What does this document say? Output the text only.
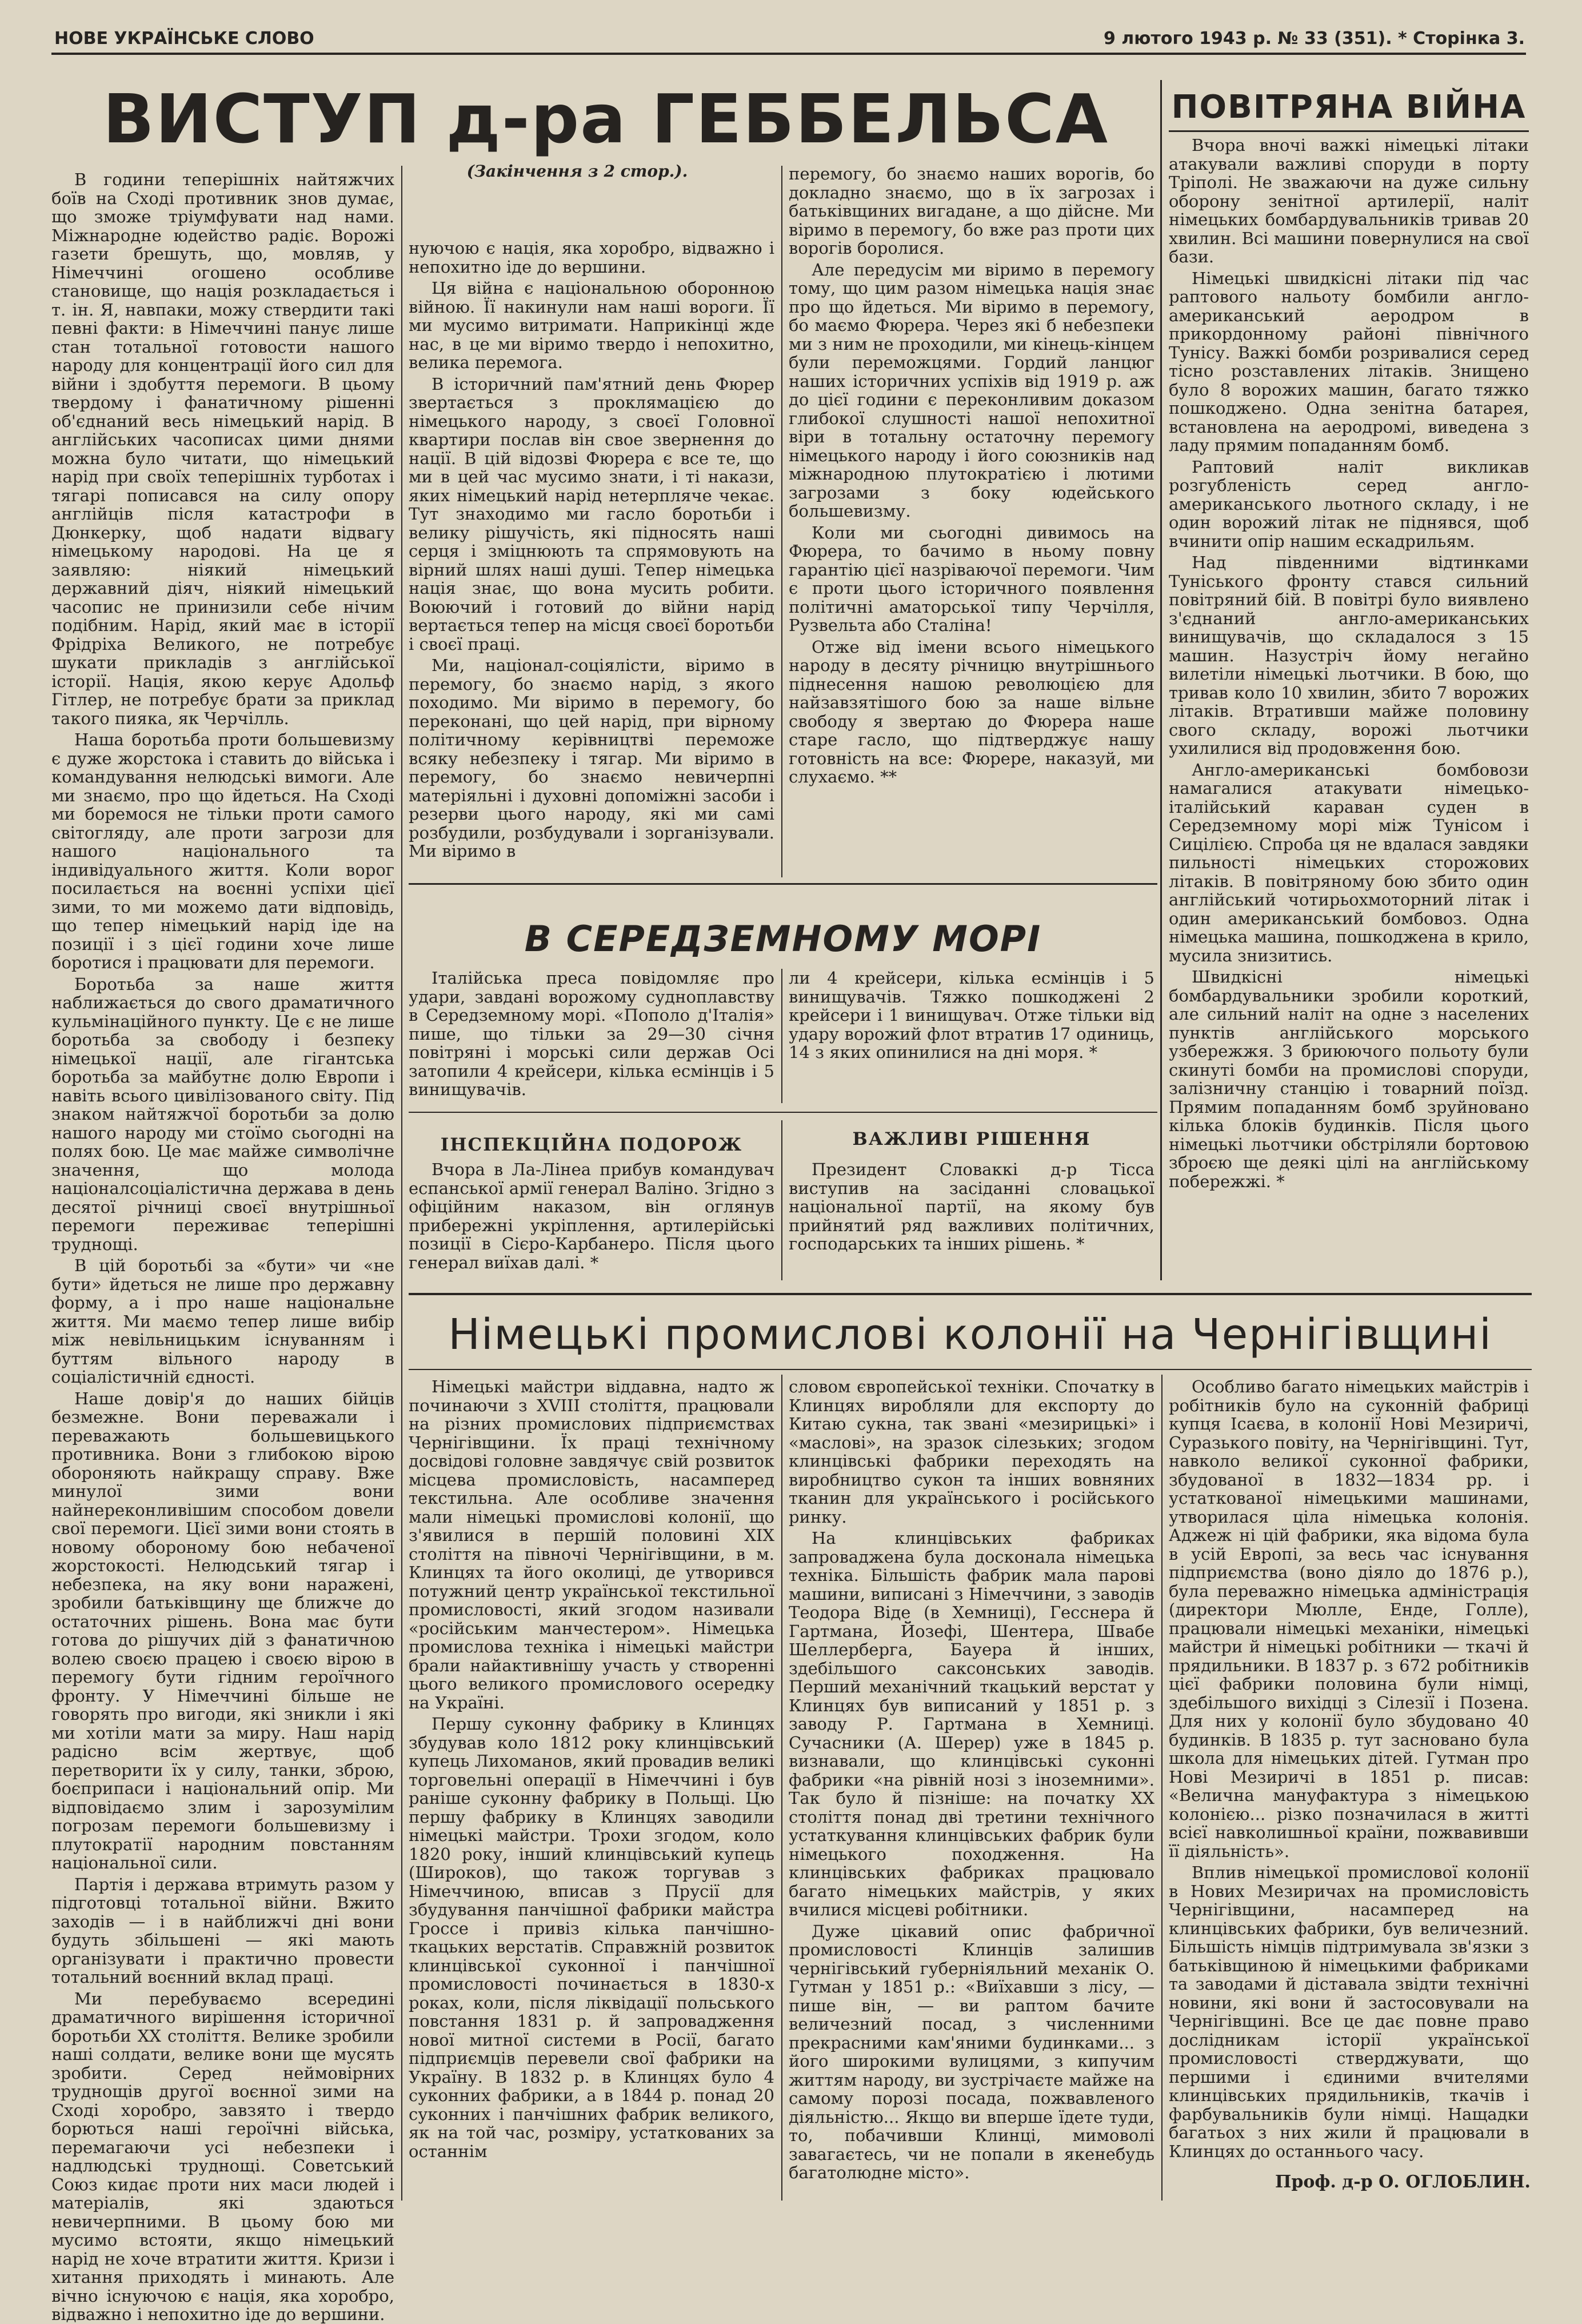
НОВЕ УКРАЇНСЬКЕ СЛОВО	9 лютого 1943 р. № 33 (351). * Сторінка 3.
ВИСТУП д-ра ГЕББЕЛЬСА
(Закінчення з 2 стор.).

В години теперішніх найтяжчих боїв на Сході противник знов думає, що зможе тріумфувати над нами. Міжнародне юдейство радіє. Ворожі газети брешуть, що, мовляв, у Німеччині огошено особливе становище, що нація розкладається і т. ін. Я, навпаки, можу ствердити такі певні факти: в Німеччині панує лише стан тотальної готовости нашого народу для концентрації його сил для війни і здобуття перемоги. В цьому твердому і фанатичному рішенні об'єднаний весь німецький нарід. В англійських часописах цими днями можна було читати, що німецький нарід при своїх теперішніх турботах і тягарі пописався на силу опору англійців після катастрофи в Дюнкерку, щоб надати відвагу німецькому народові. На це я заявляю: ніякий німецький державний діяч, ніякий німецький часопис не принизили себе нічим подібним. Нарід, який має в історії Фрідріха Великого, не потребує шукати прикладів з англійської історії. Нація, якою керує Адольф Гітлер, не потребує брати за приклад такого пияка, як Черчілль.

Наша боротьба проти большевизму є дуже жорстока і ставить до війська і командування нелюдські вимоги. Але ми знаємо, про що йдеться. На Сході ми боремося не тільки проти самого світогляду, але проти загрози для нашого національного та індивідуального життя. Коли ворог посилається на воєнні успіхи цієї зими, то ми можемо дати відповідь, що тепер німецький нарід іде на позиції і з цієї години хоче лише боротися і працювати для перемоги.

Боротьба за наше життя наближається до свого драматичного кульмінаційного пункту. Це є не лише боротьба за свободу і безпеку німецької нації, але гігантська боротьба за майбутнє долю Европи і навіть всього цивілізованого світу. Під знаком найтяжчої боротьби за долю нашого народу ми стоїмо сьогодні на полях бою. Це має майже символічне значення, що молода націоналсоціалістична держава в день десятої річниці своєї внутрішньої перемоги переживає теперішні труднощі.

В цій боротьбі за «бути» чи «не бути» йдеться не лише про державну форму, а і про наше національне життя. Ми маємо тепер лише вибір між невільницьким існуванням і буттям вільного народу в соціалістичній єдності.

Наше довір'я до наших бійців безмежне. Вони переважали і переважають большевицького противника. Вони з глибокою вірою обороняють найкращу справу. Вже минулої зими вони найнереконливішим способом довели свої перемоги. Цієї зими вони стоять в новому обороному бою небаченої жорстокості. Нелюдський тягар і небезпека, на яку вони наражені, зробили батьківщину ще ближче до остаточних рішень. Вона має бути готова до рішучих дій з фанатичною волею своєю працею і своєю вірою в перемогу бути гідним героїчного фронту. У Німеччині більше не говорять про вигоди, які зникли і які ми хотіли мати за миру. Наш нарід радісно всім жертвує, щоб перетворити їх у силу, танки, зброю, боєприпаси і національний опір. Ми відповідаємо злим і зарозумілим погрозам перемоги большевизму і плутократії народним повстанням національної сили.

Партія і держава втримуть разом у підготовці тотальної війни. Вжито заходів — і в найближчі дні вони будуть збільшені — які мають організувати і практично провести тотальний воєнний вклад праці.

Ми перебуваємо всередині драматичного вирішення історичної боротьби XX століття. Велике зробили наші солдати, велике вони ще мусять зробити. Серед неймовірних труднощів другої воєнної зими на Сході хоробро, завзято і твердо борються наші героїчні війська, перемагаючи усі небезпеки і надлюдські труднощі. Советський Союз кидає проти них маси людей і матеріалів, які здаються невичерпними. В цьому бою ми мусимо встояти, якщо німецький нарід не хоче втратити життя. Кризи і хитання приходять і минають. Але вічно існуючою є нація, яка хоробро, відважно і непохитно іде до вершини.

нуючою є нація, яка хоробро, відважно і непохитно іде до вершини.

Ця війна є національною оборонною війною. Її накинули нам наші вороги. Її ми мусимо витримати. Наприкінці жде нас, в це ми віримо твердо і непохитно, велика перемога.

В історичний пам'ятний день Фюрер звертається з проклямацією до німецького народу, з своєї Головної квартири послав він свое звернення до нації. В цій відозві Фюрера є все те, що ми в цей час мусимо знати, і ті накази, яких німецький нарід нетерпляче чекає. Тут знаходимо ми гасло боротьби і велику рішучість, які підносять наші серця і зміцнюють та спрямовують на вірний шлях наші душі. Тепер німецька нація знає, що вона мусить робити. Воюючий і готовий до війни нарід вертається тепер на місця своєї боротьби і своєї праці.

Ми, націонал-соціялісти, віримо в перемогу, бо знаємо нарід, з якого походимо. Ми віримо в перемогу, бо переконані, що цей нарід, при вірному політичному керівництві переможе всяку небезпеку і тягар. Ми віримо в перемогу, бо знаємо невичерпні матеріяльні і духовні допоміжні засоби і резерви цього народу, які ми самі розбудили, розбудували і зорганізували. Ми віримо в

перемогу, бо знаємо наших ворогів, бо докладно знаємо, що в їх загрозах і батьківщиних вигадане, а що дійсне. Ми віримо в перемогу, бо вже раз проти цих ворогів боролися.

Але передусім ми віримо в перемогу тому, що цим разом німецька нація знає про що йдеться. Ми віримо в перемогу, бо маємо Фюрера. Через які б небезпеки ми з ним не проходили, ми кінець-кінцем були переможцями. Гордий ланцюг наших історичних успіхів від 1919 р. аж до цієї години є переконливим доказом глибокої слушності нашої непохитної віри в тотальну остаточну перемогу німецького народу і його союзників над міжнародною плутократією і лютими загрозами з боку юдейського большевизму.

Коли ми сьогодні дивимось на Фюрера, то бачимо в ньому повну гарантію цієї назріваючої перемоги. Чим є проти цього історичного появлення політичні аматорської типу Черчілля, Рузвельта або Сталіна!

Отже від імени всього німецького народу в десяту річницю внутрішнього піднесення нашою революцією для найзавзятішого бою за наше вільне свободу я звертаю до Фюрера наше старе гасло, що підтверджує нашу готовність на все: Фюрере, наказуй, ми слухаємо. **

ПОВІТРЯНА ВІЙНА

Вчора вночі важкі німецькі літаки атакували важливі споруди в порту Тріполі. Не зважаючи на дуже сильну оборону зенітної артилерії, наліт німецьких бомбардувальників тривав 20 хвилин. Всі машини повернулися на свої бази.

Німецькі швидкісні літаки під час раптового нальоту бомбили англо-американський аеродром в прикордонному районі північного Тунісу. Важкі бомби розривалися серед тісно розставлених літаків. Знищено було 8 ворожих машин, багато тяжко пошкоджено. Одна зенітна батарея, встановлена на аеродромі, виведена з ладу прямим попаданням бомб.

Раптовий наліт викликав розгубленість серед англо-американського льотного складу, і не один ворожий літак не піднявся, щоб вчинити опір нашим ескадрильям.

Над південними відтинками Туніського фронту стався сильний повітряний бій. В повітрі було виявлено з'єднаний англо-американських винищувачів, що складалося з 15 машин. Назустріч йому негайно вилетіли німецькі льотчики. В бою, що тривав коло 10 хвилин, збито 7 ворожих літаків. Втративши майже половину свого складу, ворожі льотчики ухилилися від продовження бою.

Англо-американські бомбовози намагалися атакувати німецько-італійський караван суден в Середземному морі між Тунісом і Сицілією. Спроба ця не вдалася завдяки пильності німецьких сторожових літаків. В повітряному бою збито один англійський чотирьохмоторний літак і один американський бомбовоз. Одна німецька машина, пошкоджена в крило, мусила знизитись.

Швидкісні німецькі бомбардувальники зробили короткий, але сильний наліт на одне з населених пунктів англійського морського узбережжя. З бриюючого польоту були скинуті бомби на промислові споруди, залізничну станцію і товарний поїзд. Прямим попаданням бомб зруйновано кілька блоків будинків. Після цього німецькі льотчики обстріляли бортовою зброєю ще деякі цілі на англійському побережжі. *

В СЕРЕДЗЕМНОМУ МОРІ

Італійська преса повідомляє про удари, завдані ворожому судноплавству в Середземному морі. «Пополо д'Італія» пише, що тільки за 29—30 січня повітряні і морські сили держав Осі затопили 4 крейсери, кілька есмінців і 5 винищувачів.

ли 4 крейсери, кілька есмінців і 5 винищувачів. Тяжко пошкоджені 2 крейсери і 1 винищувач. Отже тільки від удару ворожий флот втратив 17 одиниць, 14 з яких опинилися на дні моря. *

ІНСПЕКЦІЙНА ПОДОРОЖ

Вчора в Ла-Лінеа прибув командувач еспанської армії генерал Валіно. Згідно з офіційним наказом, він оглянув прибережні укріплення, артилерійські позиції в Сієро-Карбанеро. Після цього генерал виїхав далі. *

ВАЖЛИВІ РІШЕННЯ

Президент Словаккі д-р Тісса виступив на засіданні словацької національної партії, на якому був прийнятий ряд важливих політичних, господарських та інших рішень. *

Німецькі промислові колонії на Чернігівщині

Німецькі майстри віддавна, надто ж починаючи з XVIII століття, працювали на різних промислових підприємствах Чернігівщини. Їх праці технічному досвідові головне завдячує свій розвиток місцева промисловість, насамперед текстильна. Але особливе значення мали німецькі промислові колонії, що з'явилися в першій половині XIX століття на півночі Чернігівщини, в м. Клинцях та його околиці, де утворився потужний центр української текстильної промисловості, який згодом називали «російським манчестером». Німецька промислова техніка і німецькі майстри брали найактивнішу участь у створенні цього великого промислового осередку на Україні.

Першу суконну фабрику в Клинцях збудував коло 1812 року клинцівський купець Лихоманов, який провадив великі торговельні операції в Німеччині і був раніше суконну фабрику в Польщі. Цю першу фабрику в Клинцях заводили німецькі майстри. Трохи згодом, коло 1820 року, інший клинцівський купець (Широков), що також торгував з Німеччиною, вписав з Прусії для збудування панчішної фабрики майстра Гроссе і привіз кілька панчішно-ткацьких верстатів. Справжній розвиток клинцівської суконної і панчішної промисловості починається в 1830-х роках, коли, після ліквідації польського повстання 1831 р. й запровадження нової митної системи в Росії, багато підприємців перевели свої фабрики на Україну. В 1832 р. в Клинцях було 4 суконних фабрики, а в 1844 р. понад 20 суконних і панчішних фабрик великого, як на той час, розміру, устаткованих за останнім

словом європейської техніки. Спочатку в Клинцях виробляли для експорту до Китаю сукна, так звані «мезирицькі» і «маслові», на зразок сілезьких; згодом клинцівські фабрики переходять на виробництво сукон та інших вовняних тканин для українського і російського ринку.

На клинцівських фабриках запроваджена була досконала німецька техніка. Більшість фабрик мала парові машини, виписані з Німеччини, з заводів Теодора Віде (в Хемниці), Гесснера й Гартмана, Йозефі, Шентера, Швабе Шеллербергa, Бауера й інших, здебільшого саксонських заводів. Перший механічний ткацький верстат у Клинцях був виписаний у 1851 р. з заводу Р. Гартмана в Хемниці. Сучасники (А. Шерер) уже в 1845 р. визнавали, що клинцівські суконні фабрики «на рівній нозі з іноземними». Так було й пізніше: на початку XX століття понад дві третини технічного устаткування клинцівських фабрик були німецького походження. На клинцівських фабриках працювало багато німецьких майстрів, у яких вчилися місцеві робітники.

Дуже цікавий опис фабричної промисловості Клинців залишив чернігівський губерніяльний механік О. Гутман у 1851 р.: «Виїхавши з лісу, — пише він, — ви раптом бачите величезний посад, з численними прекрасними кам'яними будинками... з його широкими вулицями, з кипучим життям народу, ви зустрічаєте майже на самому порозі посада, пожвавленого діяльністю... Якщо ви вперше їдете туди, то, побачивши Клинці, мимоволі завагаєтесь, чи не попали в якенебудь багатолюдне місто».

Особливо багато німецьких майстрів і робітників було на суконній фабриці купця Ісаєва, в колонії Нові Мезиричі, Суразького повіту, на Чернігівщині. Тут, навколо великої суконної фабрики, збудованої в 1832—1834 рр. і устаткованої німецькими машинами, утворилася ціла німецька колонія. Аджеж ні цій фабрики, яка відома була в усій Европі, за весь час існування підприємства (воно діяло до 1876 р.), була переважно німецька адміністрація (директори Мюлле, Енде, Голле), працювали німецькі механіки, німецькі майстри й німецькі робітники — ткачі й прядильники. В 1837 р. з 672 робітників цієї фабрики половина були німці, здебільшого вихідці з Сілезії і Позена. Для них у колонії було збудовано 40 будинків. В 1835 р. тут засновано була школа для німецьких дітей. Гутман про Нові Мезиричі в 1851 р. писав: «Велична мануфактура з німецькою колонією... різко позначилася в житті всієї навколишньої країни, пожвавивши її діяльність».

Вплив німецької промислової колонії в Нових Мезиричах на промисловість Чернігівщини, насамперед на клинцівських фабрики, був величезний. Більшість німців підтримувала зв'язки з батьківщиною й німецькими фабриками та заводами й діставала звідти технічні новини, які вони й застосовували на Чернігівщині. Все це дає повне право дослідникам історії української промисловості стверджувати, що першими і єдиними вчителями клинцівських прядильників, ткачів і фарбувальників були німці. Нащадки багатьох з них жили й працювали в Клинцях до останнього часу.

Проф. д-р О. ОГЛОБЛИН.
